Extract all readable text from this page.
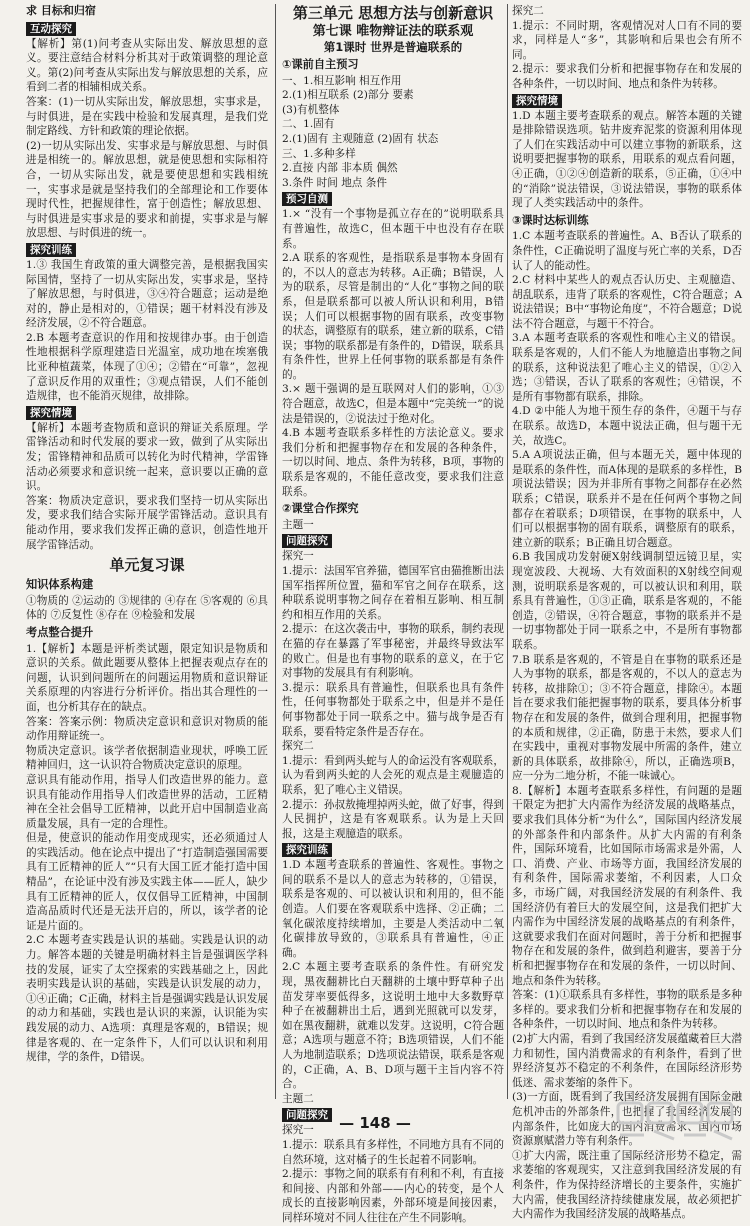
求 目标和归宿
互动探究

【解析】第(1)问考查从实际出发、解放思想的意义。要注意结合材料分析其对于政策调整的理论意义。第(2)问考查从实际出发与解放思想的关系，应看到二者的相辅相成关系。

答案：(1)一切从实际出发，解放思想，实事求是，与时俱进，是在实践中检验和发展真理，是我们党制定路线、方针和政策的理论依据。

(2)一切从实际出发、实事求是与解放思想、与时俱进是相统一的。解放思想，就是使思想和实际相符合，一切从实际出发，就是要使思想和实践相统一，实事求是就是坚持我们的全部理论和工作要体现时代性，把握规律性，富于创造性；解放思想、与时俱进是实事求是的要求和前提，实事求是与解放思想、与时俱进的统一。

探究训练

1.③ 我国生育政策的重大调整完善，是根据我国实际国情，坚持了一切从实际出发，实事求是，坚持了解放思想，与时俱进，③④符合题意；运动是绝对的，静止是相对的，①错误；题干材料没有涉及经济发展，②不符合题意。

2.B 本题考查意识的作用和按规律办事。由于创造性地根据科学原理建造日光温室，成功地在埃塞俄比亚种植蔬菜，体现了①④；②错在“可靠”，忽视了意识反作用的双重性；③观点错误，人们不能创造规律，也不能消灭规律，故排除。

探究情境

【解析】本题考查物质和意识的辩证关系原理。学雷锋活动和时代发展的要求一致，做到了从实际出发；雷锋精神和品质可以转化为时代精神，学雷锋活动必须要求和意识统一起来，意识要以正确的意识。

答案：物质决定意识，要求我们坚持一切从实际出发，要求我们结合实际开展学雷锋活动。意识具有能动作用，要求我们发挥正确的意识，创造性地开展学雷锋活动。

单元复习课
知识体系构建

①物质的 ②运动的 ③规律的 ④存在 ⑤客观的 ⑥具体的 ⑦反复性 ⑧存在 ⑨检验和发展

考点整合提升

1.【解析】本题是评析类试题，限定知识是物质和意识的关系。做此题要从整体上把握表观点存在的问题，认识到问题所在的问题运用物质和意识辩证关系原理的内容进行分析评价。指出其合理性的一面，也分析其存在的缺点。

答案：答案示例：物质决定意识和意识对物质的能动作用辩证统一。

物质决定意识。该学者依据制造业现状，呼唤工匠精神回归，这一认识符合物质决定意识的原理。

意识具有能动作用，指导人们改造世界的能力。意识具有能动作用指导人们改造世界的活动，工匠精神在全社会倡导工匠精神，以此开启中国制造业高质量发展，具有一定的合理性。

但是，使意识的能动作用变成现实，还必须通过人的实践活动。他在论点中提出了“打造制造强国需要具有工匠精神的匠人”“只有大国工匠才能打造中国精品”，在论证中没有涉及实践主体——匠人，缺少具有工匠精神的匠人，仅仅倡导工匠精神，中国制造高品质时代还是无法开启的，所以，该学者的论证是片面的。

2.C 本题考查实践是认识的基础。实践是认识的动力。解答本题的关键是明确材料主旨是强调医学科技的发展，证实了太空探索的实践基础之上，因此表明实践是认识的基础，实践是认识发展的动力，①④正确；C正确，材料主旨是强调实践是认识发展的动力和基础，实践也是认识的来源，认识能为实践发展的动力、A选项：真理是客观的，B错误；规律是客观的、在一定条件下，人们可以认识和利用规律，学的条件，D错误。

第三单元 思想方法与创新意识
第七课 唯物辩证法的联系观
第1课时 世界是普遍联系的
①课前自主预习

一、1.相互影响 相互作用

2.(1)相互联系 (2)部分 要素

(3)有机整体

二、1.固有

2.(1)固有 主观随意 (2)固有 状态

三、1.多种多样

2.直接 内部 非本质 偶然

3.条件 时间 地点 条件

预习自测

1.× “没有一个事物是孤立存在的”说明联系具有普遍性，故选C，但本题干中也没有存在联系。

2.A 联系的客观性，是指联系是事物本身固有的，不以人的意志为转移。A正确；B错误，人为的联系，尽管是制出的“人化”事物之间的联系，但是联系都可以被人所认识和利用，B错误；人们可以根据事物的固有联系，改变事物的状态，调整原有的联系，建立新的联系，C错误；事物的联系都是有条件的，D错误，联系具有条件性，世界上任何事物的联系都是有条件的。

3.× 题干强调的是互联网对人们的影响，①③符合题意，故选C，但是本题中“完美统一”的说法是错误的，②说法过于绝对化。

4.B 本题考查联系多样性的方法论意义。要求我们分析和把握事物存在和发展的各种条件，一切以时间、地点、条件为转移，B项，事物的联系是客观的，不能任意改变，要求我们注意联系。

②课堂合作探究

主题一

问题探究

探究一

1.提示：法国军官养猫，德国军官由猫推断出法国军指挥所位置，猫和军官之间存在联系，这种联系说明事物之间存在着相互影响、相互制约和相互作用的关系。

2.提示：在这次袭击中，事物的联系，制约表现在猫的存在暴露了军事秘密，并最终导致法军的败亡。但是也有事物的联系的意义，在于它对事物的发展具有有利影响。

3.提示：联系具有普遍性，但联系也具有条件性，任何事物都处于联系之中，但是并不是任何事物都处于同一联系之中。猫与战争是否有联系，要看特定条件是否存在。

探究二

1.提示：看到两头蛇与人的命运没有客观联系，认为看到两头蛇的人会死的观点是主观臆造的联系，犯了唯心主义错误。

2.提示：孙叔敖掩埋掉两头蛇，做了好事，得到人民拥护，这是有客观联系。认为是上天回报，这是主观臆造的联系。

探究训练

1.D 本题考查联系的普遍性、客观性。事物之间的联系不是以人的意志为转移的，①错误，联系是客观的、可以被认识和利用的，但不能创造。人们要在客观联系中选择、②正确；二氧化碳浓度持续增加，主要是人类活动中二氧化碳排放导致的，③联系具有普遍性，④正确。

2.C 本题主要考查联系的条件性。有研究发现，黑夜翻耕比白天翻耕的土壤中野草种子出苗发芽率要低得多，这说明土地中大多数野草种子在被翻耕出土后，遇到光照就可以发芽，如在黑夜翻耕，就难以发芽。这说明，C符合题意；A选项与题意不符；B选项错误，人们不能人为地制造联系；D选项说法错误，联系是客观的，C正确，A、B、D项与题干主旨内容不符合。

主题二

问题探究

探究一

1.提示：联系具有多样性，不同地方具有不同的自然环境，这对橘子的生长起着不同影响。

2.提示：事物之间的联系有有利和不利，有直接和间接、内部和外部——内心的转变，是个人成长的直接影响因素，外部环境是间接因素，同样环境对不同人往往在产生不同影响。

探究二

1.提示：不同时期，客观情况对人口有不同的要求，同样是人“多”，其影响和后果也会有所不同。

2.提示：要求我们分析和把握事物存在和发展的各种条件，一切以时间、地点和条件为转移。

探究情境

1.D 本题主要考查联系的观点。解答本题的关键是排除错误选项。钻井废弃泥浆的资源利用体现了人们在实践活动中可以建立事物的新联系，这说明要把握事物的联系，用联系的观点看问题，④正确，①②④创造新的联系，⑤正确，①④中的“消除”说法错误，③说法错误，事物的联系体现了人类实践活动中的条件。

③课时达标训练

1.C 本题考查联系的普遍性。A、B否认了联系的条件性，C正确说明了温度与死亡率的关系，D否认了人的能动性。

2.C 材料中某些人的观点否认历史、主观臆造、胡乱联系，违背了联系的客观性，C符合题意；A说法错误；B中“事物论角度”，不符合题意；D说法不符合题意，与题干不符合。

3.A 本题考查联系的客观性和唯心主义的错误。联系是客观的，人们不能人为地臆造出事物之间的联系，这种说法犯了唯心主义的错误，①②入选；③错误，否认了联系的客观性；④错误，不是所有事物都有联系，排除。

4.D ②中能人为地干预生存的条件，④题干与存在联系。故选D，本题中说法正确，但与题干无关，故选C。

5.A A项说法正确，但与本题无关，题中体现的是联系的条件性，而A体现的是联系的多样性，B项说法错误；因为并非所有事物之间都存在必然联系；C错误，联系并不是在任何两个事物之间都存在着联系；D项错误，在事物的联系中，人们可以根据事物的固有联系，调整原有的联系，建立新的联系；B正确且切合题意。

6.B 我国成功发射硬X射线调制望远镜卫星，实现宽波段、大视场、大有效面积的X射线空间观测，说明联系是客观的，可以被认识和利用，联系具有普遍性，①③正确，联系是客观的，不能创造，②错误，④符合题意，事物的联系并不是一切事物都处于同一联系之中，不是所有事物都联系。

7.B 联系是客观的，不管是自在事物的联系还是人为事物的联系，都是客观的，不以人的意志为转移，故排除①；③不符合题意，排除④。本题旨在要求我们能把握事物的联系，要具体分析事物存在和发展的条件，做到合理利用，把握事物的本质和规律，②正确，防患于未然，要求人们在实践中，重视对事物发展中所需的条件，建立新的具体联系，故排除④，所以，正确选项B，应一分为二地分析，不能一味诚心。

8.【解析】本题考查联系多样性，有问题的是题干限定为把扩大内需作为经济发展的战略基点，要求我们具体分析“为什么”，国际国内经济发展的外部条件和内部条件。从扩大内需的有利条件，国际环境看，比如国际市场需求是外需，人口、消费、产业、市场等方面，我国经济发展的有利条件，国际需求萎缩，不利因素，人口众多，市场广阔，对我国经济发展的有利条件、我国经济仍有着巨大的发展空间，这是我们把扩大内需作为中国经济发展的战略基点的有利条件，这就要求我们在面对问题时，善于分析和把握事物存在和发展的条件，做到趋利避害，要善于分析和把握事物存在和发展的条件，一切以时间、地点和条件为转移。

答案：(1)①联系具有多样性，事物的联系是多种多样的。要求我们分析和把握事物存在和发展的各种条件，一切以时间、地点和条件为转移。

(2)扩大内需，看到了我国经济发展蕴藏着巨大潜力和韧性，国内消费需求的有利条件，看到了世界经济复苏不稳定的不利条件，在国际经济形势低迷、需求萎缩的条件下。

(3)一方面，既看到了我国经济发展拥有国际金融危机冲击的外部条件，也把握了我国经济发展的内部条件，比如庞大的国内消费需求、国内市场资源禀赋潜力等有利条件。

①扩大内需，既注重了国际经济形势不稳定，需求萎缩的客观现实，又注意到我国经济发展的有利条件，作为保持经济增长的主要条件，实施扩大内需，使我国经济持续健康发展，故必须把扩大内需作为我国经济发展的战略基点。

— 148 —
